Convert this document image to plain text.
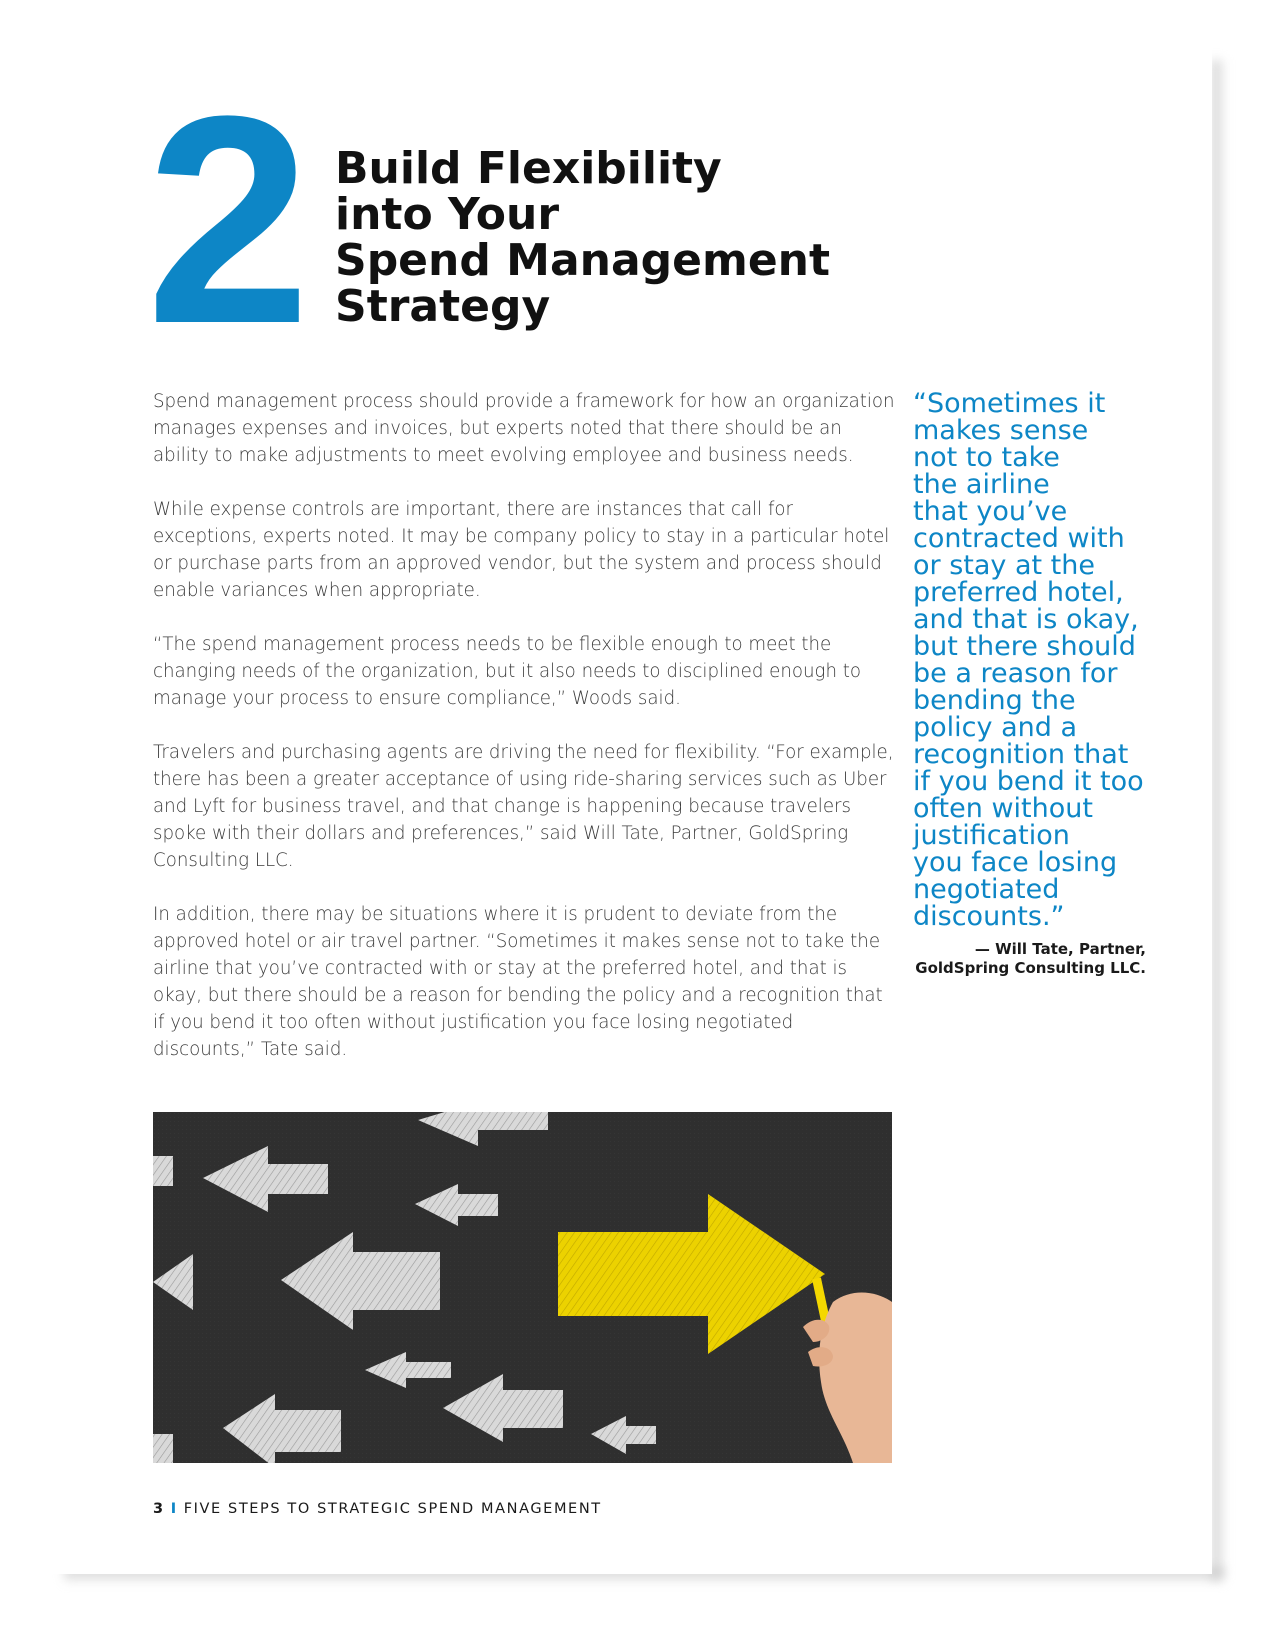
2 Build Flexibility
into Your
Spend Management
Strategy

Spend management process should provide a framework for how an organization manages expenses and invoices, but experts noted that there should be an ability to make adjustments to meet evolving employee and business needs.

While expense controls are important, there are instances that call for exceptions, experts noted. It may be company policy to stay in a particular hotel or purchase parts from an approved vendor, but the system and process should enable variances when appropriate.

“The spend management process needs to be flexible enough to meet the changing needs of the organization, but it also needs to disciplined enough to manage your process to ensure compliance,” Woods said.

Travelers and purchasing agents are driving the need for flexibility. “For example, there has been a greater acceptance of using ride-sharing services such as Uber and Lyft for business travel, and that change is happening because travelers spoke with their dollars and preferences,” said Will Tate, Partner, GoldSpring Consulting LLC.

In addition, there may be situations where it is prudent to deviate from the approved hotel or air travel partner. “Sometimes it makes sense not to take the airline that you’ve contracted with or stay at the preferred hotel, and that is okay, but there should be a reason for bending the policy and a recognition that if you bend it too often without justification you face losing negotiated discounts,” Tate said.

“Sometimes it
makes sense
not to take
the airline
that you’ve
contracted with
or stay at the
preferred hotel,
and that is okay,
but there should
be a reason for
bending the
policy and a
recognition that
if you bend it too
often without
justification
you face losing
negotiated
discounts.”
— Will Tate, Partner,
GoldSpring Consulting LLC.
3 I FIVE STEPS TO STRATEGIC SPEND MANAGEMENT
